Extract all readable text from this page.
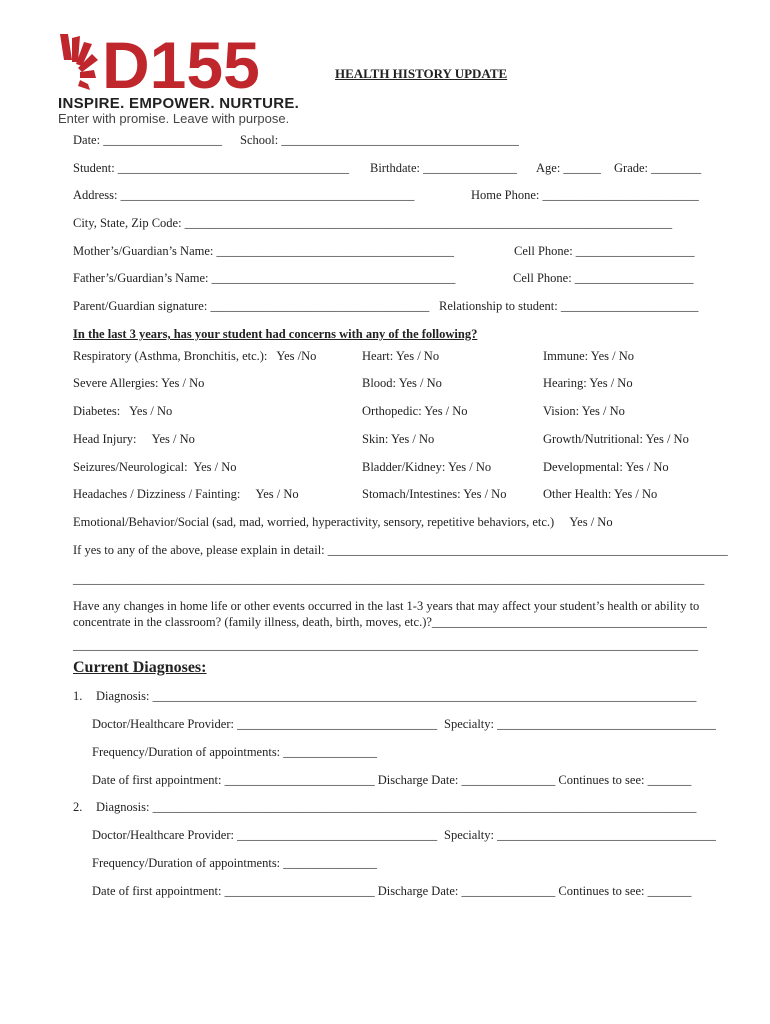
D155
INSPIRE. EMPOWER. NURTURE.
Enter with promise. Leave with purpose.
HEALTH HISTORY UPDATE
Date: ___________________ School: ______________________________________
Student: _____________________________________ Birthdate: _______________ Age: ______ Grade: ________
Address: _______________________________________________	Home Phone: _________________________
City, State, Zip Code: ______________________________________________________________________________
Mother’s/Guardian’s Name: ______________________________________	Cell Phone: ___________________
Father’s/Guardian’s Name: _______________________________________	Cell Phone: ___________________
Parent/Guardian signature: ___________________________________ Relationship to student: ______________________
In the last 3 years, has your student had concerns with any of the following?
Respiratory (Asthma, Bronchitis, etc.):   Yes /No	Heart: Yes / No	Immune: Yes / No
Severe Allergies: Yes / No	Blood: Yes / No	Hearing: Yes / No
Diabetes:   Yes / No	Orthopedic: Yes / No	Vision: Yes / No
Head Injury:     Yes / No	Skin: Yes / No	Growth/Nutritional: Yes / No
Seizures/Neurological:  Yes / No	Bladder/Kidney: Yes / No	Developmental: Yes / No
Headaches / Dizziness / Fainting:     Yes / No	Stomach/Intestines: Yes / No	Other Health: Yes / No
Emotional/Behavior/Social (sad, mad, worried, hyperactivity, sensory, repetitive behaviors, etc.)     Yes / No
If yes to any of the above, please explain in detail: ________________________________________________________________
_____________________________________________________________________________________________________
Have any changes in home life or other events occurred in the last 1-3 years that may affect your student’s health or ability to
concentrate in the classroom? (family illness, death, birth, moves, etc.)?____________________________________________
____________________________________________________________________________________________________
Current Diagnoses:
1. Diagnosis: _______________________________________________________________________________________
Doctor/Healthcare Provider: ________________________________ Specialty: ___________________________________
Frequency/Duration of appointments: _______________
Date of first appointment: ________________________ Discharge Date: _______________ Continues to see: _______
2. Diagnosis: _______________________________________________________________________________________
Doctor/Healthcare Provider: ________________________________ Specialty: ___________________________________
Frequency/Duration of appointments: _______________
Date of first appointment: ________________________ Discharge Date: _______________ Continues to see: _______
